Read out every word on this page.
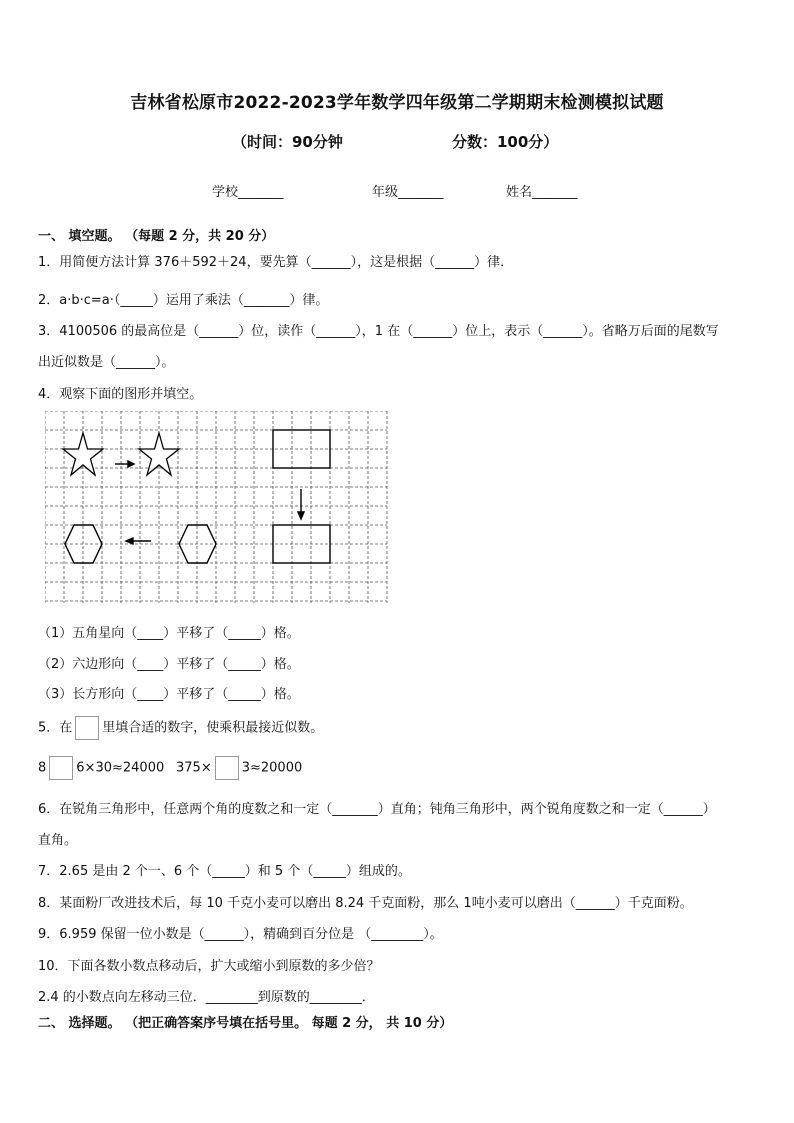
吉林省松原市2022-2023学年数学四年级第二学期期末检测模拟试题
（时间：90分钟	分数：100分）
学校_______	年级_______	姓名_______
一、 填空题。 （每题 2 分，共 20 分）
1．用简便方法计算 376＋592＋24，要先算（______），这是根据（______）律．
2．a·b·c=a·（_____）运用了乘法（_______）律。
3．4100506 的最高位是（______）位，读作（______），1 在（______）位上，表示（______）。省略万后面的尾数写
出近似数是（______）。
4．观察下面的图形并填空。
（1）五角星向（____）平移了（_____）格。
（2）六边形向（____）平移了（_____）格。
（3）长方形向（____）平移了（_____）格。
5．在 里填合适的数字，使乘积最接近似数。
8 6×30≈24000 375× 3≈20000
6．在锐角三角形中，任意两个角的度数之和一定（_______）直角；钝角三角形中，两个锐角度数之和一定（______）
直角。
7．2.65 是由 2 个一、6 个（_____）和 5 个（_____）组成的。
8．某面粉厂改进技术后，每 10 千克小麦可以磨出 8.24 千克面粉，那么 1吨小麦可以磨出（______）千克面粉。
9．6.959 保留一位小数是（______），精确到百分位是 （________）。
10．下面各数小数点移动后，扩大或缩小到原数的多少倍？
2.4 的小数点向左移动三位．________到原数的________．
二、 选择题。 （把正确答案序号填在括号里。 每题 2 分， 共 10 分）
